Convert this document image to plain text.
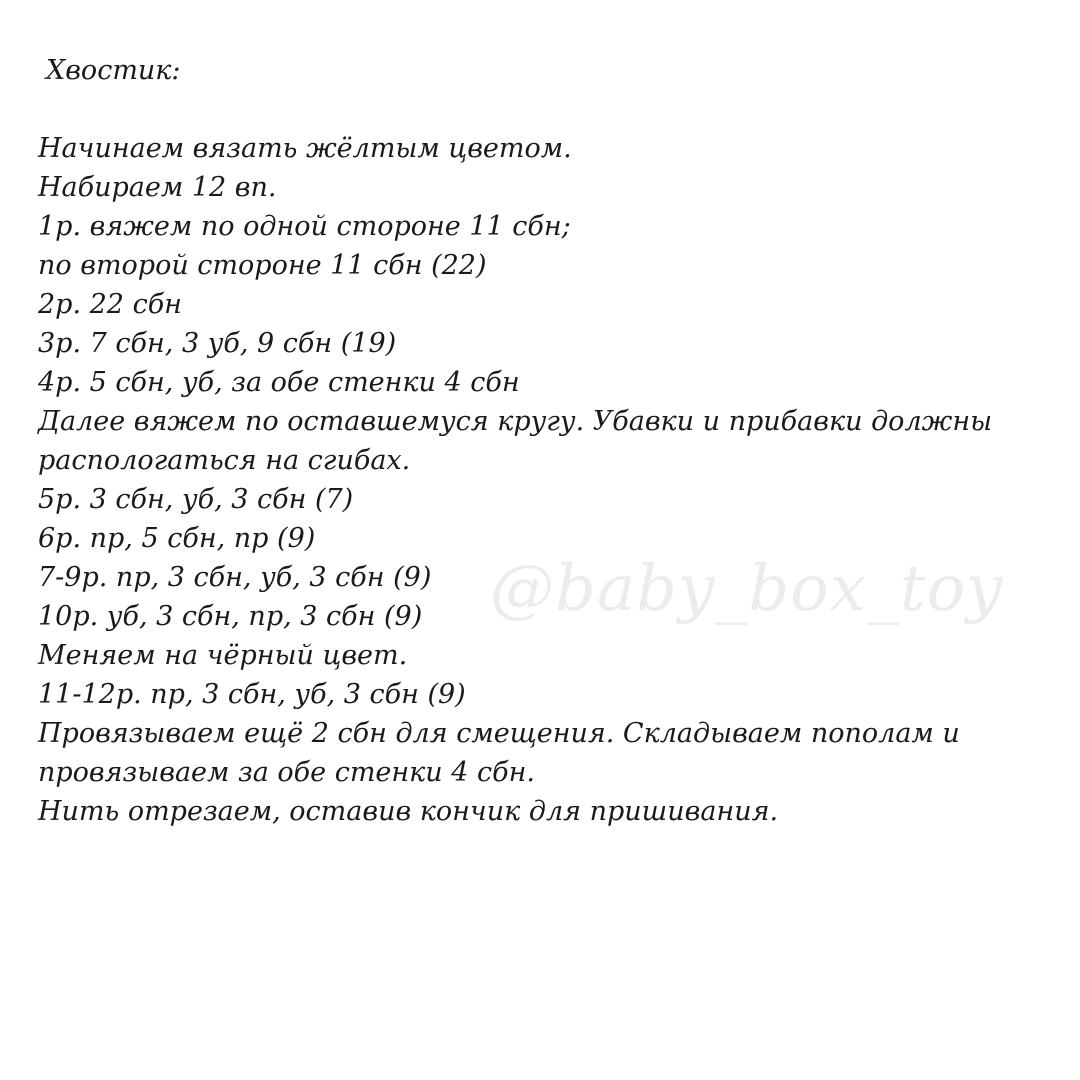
Хвостик:
Начинаем вязать жёлтым цветом.
Набираем 12 вп.
1р. вяжем по одной стороне 11 сбн;
по второй стороне 11 сбн (22)
2р. 22 сбн
3р. 7 сбн, 3 уб, 9 сбн (19)
4р. 5 сбн, уб, за обе стенки 4 сбн
Далее вяжем по оставшемуся кругу. Убавки и прибавки должны
распологаться на сгибах.
5р. 3 сбн, уб, 3 сбн (7)
6р. пр, 5 сбн, пр (9)
7-9р. пр, 3 сбн, уб, 3 сбн (9)
10р. уб, 3 сбн, пр, 3 сбн (9)
Меняем на чёрный цвет.
11-12р. пр, 3 сбн, уб, 3 сбн (9)
Провязываем ещё 2 сбн для смещения. Складываем пополам и
провязываем за обе стенки 4 сбн.
Нить отрезаем, оставив кончик для пришивания.
@baby_box_toy
